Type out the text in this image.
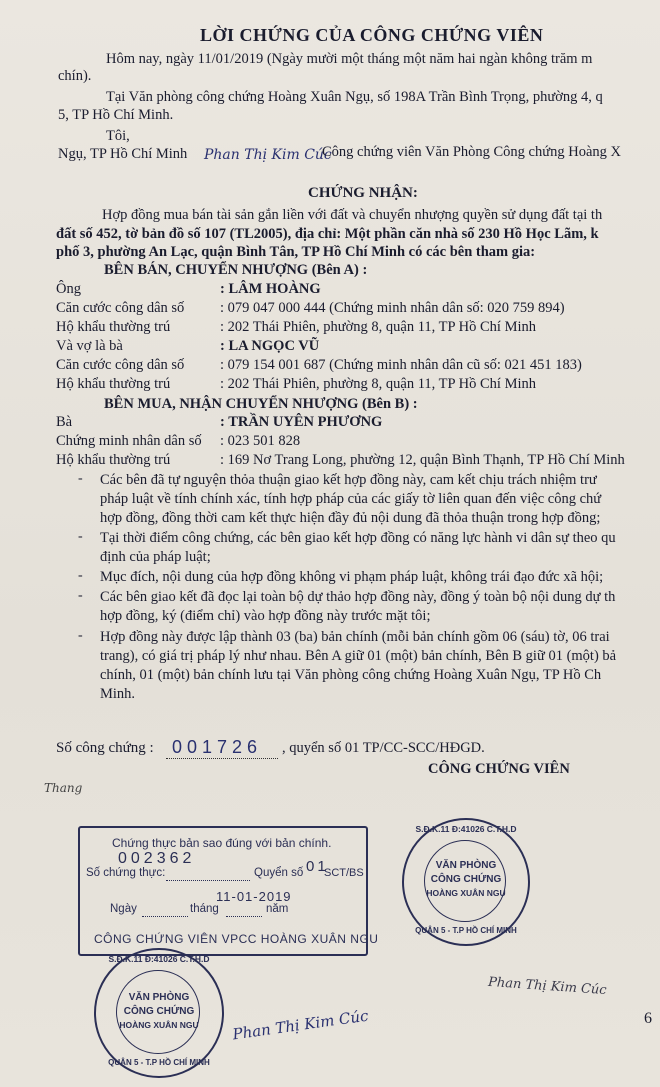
LỜI CHỨNG CỦA CÔNG CHỨNG VIÊN
Hôm nay, ngày 11/01/2019 (Ngày mười một tháng một năm hai ngàn không trăm m
chín).
Tại Văn phòng công chứng Hoàng Xuân Ngụ, số 198A Trần Bình Trọng, phường 4, q
5, TP Hồ Chí Minh.
Tôi,
Ngụ, TP Hồ Chí Minh Phan Thị Kim Cúc
Công chứng viên Văn Phòng Công chứng Hoàng X
CHỨNG NHẬN:
Hợp đồng mua bán tài sản gắn liền với đất và chuyển nhượng quyền sử dụng đất tại th
đất số 452, tờ bản đồ số 107 (TL2005), địa chỉ: Một phần căn nhà số 230 Hồ Học Lãm, k
phố 3, phường An Lạc, quận Bình Tân, TP Hồ Chí Minh có các bên tham gia:
BÊN BÁN, CHUYỂN NHƯỢNG (Bên A) :
Ông	: LÂM HOÀNG
Căn cước công dân số : 079 047 000 444 (Chứng minh nhân dân số: 020 759 894)
Hộ khẩu thường trú	: 202 Thái Phiên, phường 8, quận 11, TP Hồ Chí Minh
Và vợ là bà	: LA NGỌC VŨ
Căn cước công dân số : 079 154 001 687 (Chứng minh nhân dân cũ số: 021 451 183)
Hộ khẩu thường trú	: 202 Thái Phiên, phường 8, quận 11, TP Hồ Chí Minh
BÊN MUA, NHẬN CHUYỂN NHƯỢNG (Bên B) :
Bà	: TRẦN UYÊN PHƯƠNG
Chứng minh nhân dân số : 023 501 828
Hộ khẩu thường trú	: 169 Nơ Trang Long, phường 12, quận Bình Thạnh, TP Hồ Chí Minh
- Các bên đã tự nguyện thỏa thuận giao kết hợp đồng này, cam kết chịu trách nhiệm trư
pháp luật về tính chính xác, tính hợp pháp của các giấy tờ liên quan đến việc công chứ
hợp đồng, đồng thời cam kết thực hiện đầy đủ nội dung đã thỏa thuận trong hợp đồng;
- Tại thời điểm công chứng, các bên giao kết hợp đồng có năng lực hành vi dân sự theo qu
định của pháp luật;
- Mục đích, nội dung của hợp đồng không vi phạm pháp luật, không trái đạo đức xã hội;
- Các bên giao kết đã đọc lại toàn bộ dự thảo hợp đồng này, đồng ý toàn bộ nội dung dự th
hợp đồng, ký (điểm chỉ) vào hợp đồng này trước mặt tôi;
- Hợp đồng này được lập thành 03 (ba) bản chính (mỗi bản chính gồm 06 (sáu) tờ, 06 trai
trang), có giá trị pháp lý như nhau. Bên A giữ 01 (một) bản chính, Bên B giữ 01 (một) bả
chính, 01 (một) bản chính lưu tại Văn phòng công chứng Hoàng Xuân Ngụ, TP Hồ Ch
Minh.
Số công chứng : 001726 , quyển số 01 TP/CC-SCC/HĐGD.
CÔNG CHỨNG VIÊN
Thang
Chứng thực bản sao đúng với bản chính.
Số chứng thực:
002362
Quyển số 01
SCT/BS
Ngày	tháng	năm
11-01-2019
CÔNG CHỨNG VIÊN VPCC HOÀNG XUÂN NGU
S.Đ.K.11 Đ:41026 C.T.H.D
QUẬN 5 - T.P HỒ CHÍ MINH
VĂN PHÒNG
CÔNG CHỨNG
HOÀNG XUÂN NGU
S.Đ.K.11 Đ:41026 C.T.H.D
QUẬN 5 - T.P HỒ CHÍ MINH
VĂN PHÒNG
CÔNG CHỨNG
HOÀNG XUÂN NGU	Phan Thị Kim Cúc
Phan Thị Kim Cúc
6
